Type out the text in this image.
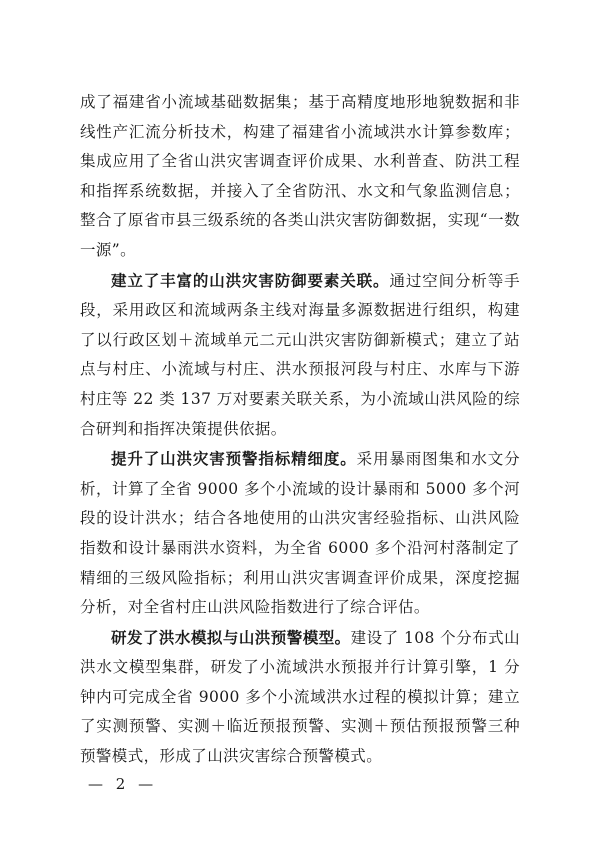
成了福建省小流域基础数据集；基于高精度地形地貌数据和非线性产汇流分析技术，构建了福建省小流域洪水计算参数库；集成应用了全省山洪灾害调查评价成果、水利普查、防洪工程和指挥系统数据，并接入了全省防汛、水文和气象监测信息；整合了原省市县三级系统的各类山洪灾害防御数据，实现“一数一源”。

建立了丰富的山洪灾害防御要素关联。通过空间分析等手段，采用政区和流域两条主线对海量多源数据进行组织，构建了以行政区划＋流域单元二元山洪灾害防御新模式；建立了站点与村庄、小流域与村庄、洪水预报河段与村庄、水库与下游村庄等 22 类 137 万对要素关联关系，为小流域山洪风险的综合研判和指挥决策提供依据。

提升了山洪灾害预警指标精细度。采用暴雨图集和水文分析，计算了全省 9000 多个小流域的设计暴雨和 5000 多个河段的设计洪水；结合各地使用的山洪灾害经验指标、山洪风险指数和设计暴雨洪水资料，为全省 6000 多个沿河村落制定了精细的三级风险指标；利用山洪灾害调查评价成果，深度挖掘分析，对全省村庄山洪风险指数进行了综合评估。

研发了洪水模拟与山洪预警模型。建设了 108 个分布式山洪水文模型集群，研发了小流域洪水预报并行计算引擎，1 分钟内可完成全省 9000 多个小流域洪水过程的模拟计算；建立了实测预警、实测＋临近预报预警、实测＋预估预报预警三种预警模式，形成了山洪灾害综合预警模式。

— 2 —
